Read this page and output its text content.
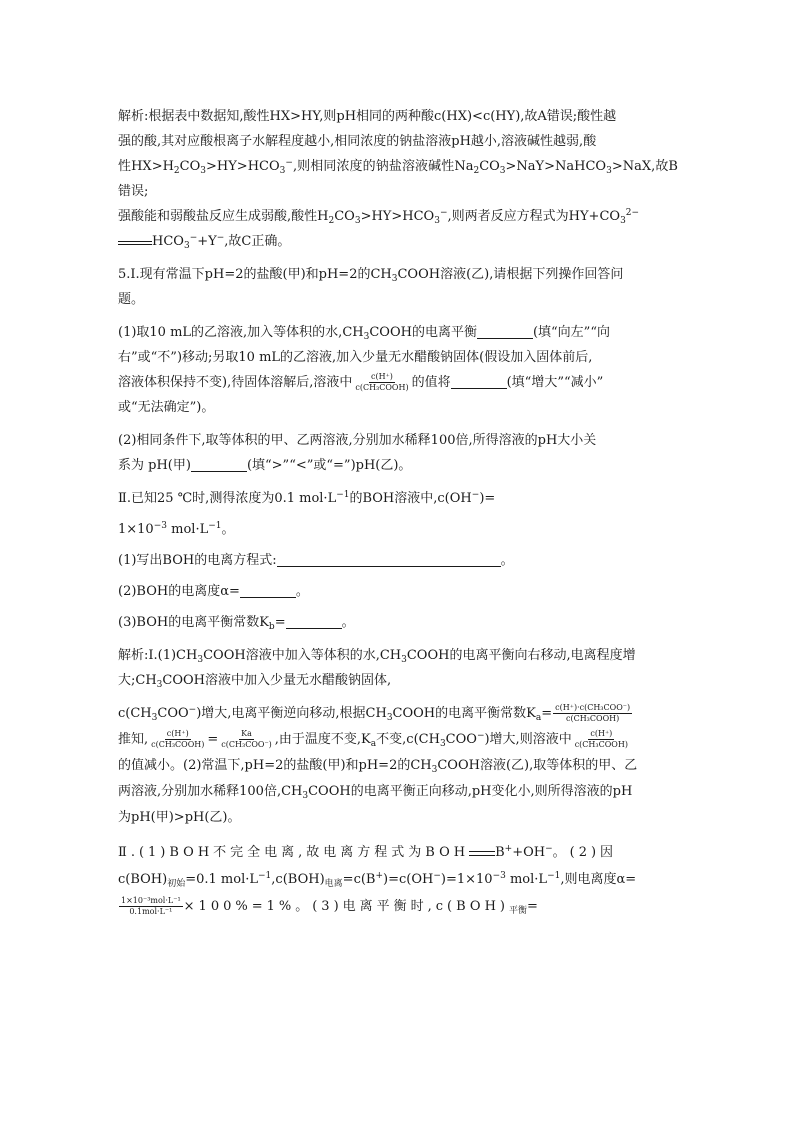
解析:根据表中数据知,酸性HX>HY,则pH相同的两种酸c(HX)<c(HY),故A错误;酸性越
强的酸,其对应酸根离子水解程度越小,相同浓度的钠盐溶液pH越小,溶液碱性越弱,酸
性$HX>H_2CO_3>HY>HCO_3^-$,则相同浓度的钠盐溶液碱性$Na_2CO_3>NaY>NaHCO_3>NaX$,故B错误;
强酸能和弱酸盐反应生成弱酸,酸性$H_2CO_3>HY>HCO_3^-$,则两者反应方程式为$HY+CO_3^{2-}$
$HCO_3^-+Y^-$,故C正确。

5.Ⅰ.现有常温下pH=2的盐酸(甲)和pH=2的$CH_3COOH$溶液(乙),请根据下列操作回答问
题。

(1)取10 mL的乙溶液,加入等体积的水$,CH_3COOH$的电离平衡	(填“向左”“向
右”或“不”)移动;另取10 mL的乙溶液,加入少量无水醋酸钠固体(假设加入固体前后,
溶液体积保持不变),待固体溶解后,溶液中 $\frac{c(H^+)}{\text{c(CH₃COOH)}}$ 的值将	(填“增大”“减小”
或“无法确定”)。

(2)相同条件下,取等体积的甲、乙两溶液,分别加水稀释100倍,所得溶液的pH大小关
系为 pH(甲)	(填“>”“<”或“=”)pH(乙)。

Ⅱ.已知25 ℃时,测得浓度为0.1 $mol\cdot L^{-1}$的BOH溶液中,c(OH−)=

$1\times 10^{-3}$ $mol\cdot L^{-1}$。

(1)写出BOH的电离方程式:	。

(2)BOH的电离度α=	。

(3)BOH的电离平衡常数$K_b=$	。

解析$:Ⅰ.(1)CH_3COOH$溶液中加入等体积的水$,CH_3COOH$的电离平衡向右移动,电离程度增
大$;CH_3COOH$溶液中加入少量无水醋酸钠固体,

$c(CH_3COO^-)$增大,电离平衡逆向移动,根据$CH_3COOH$的电离平衡常数$K_a= \frac{\text{c(H⁺)·c(CH₃COO⁻)}}{\text{c(CH₃COOH)}}$

推知, $\frac{c(H^+)}{\text{c(CH₃COOH)}} = \frac{Ka}{\text{c(CH₃COO⁻)}}$ ,由于温度不变$,K_a$不变$,c(CH_3COO^-)$增大,则溶液中 $\frac{c(H^+)}{\text{c(CH₃COOH)}}$

的值减小。(2)常温下,pH=2的盐酸(甲)和pH=2的$CH_3COOH$溶液(乙),取等体积的甲、乙
两溶液,分别加水稀释100倍$,CH_3COOH$的电离平衡正向移动,pH变化小,则所得溶液的pH
为pH(甲)>pH(乙)。

Ⅱ.(1)BOH不完全电离,故电离方程式为BOH B++OH−。(2)因
$c(BOH)_{初始}=0.1$ $mol\cdot L^{-1},c(BOH)_{电离}=c(B^+)=c(OH^-)=1\times 10^{-3}$ $mol\cdot L^{-1}$,则电离度α=

$\frac{\text{1×10⁻³mol·L⁻¹}}{\text{0.1mol·L⁻¹}} \times 100\%=1\%$。(3)电离平衡时$,c(BOH)_{平衡}=$
